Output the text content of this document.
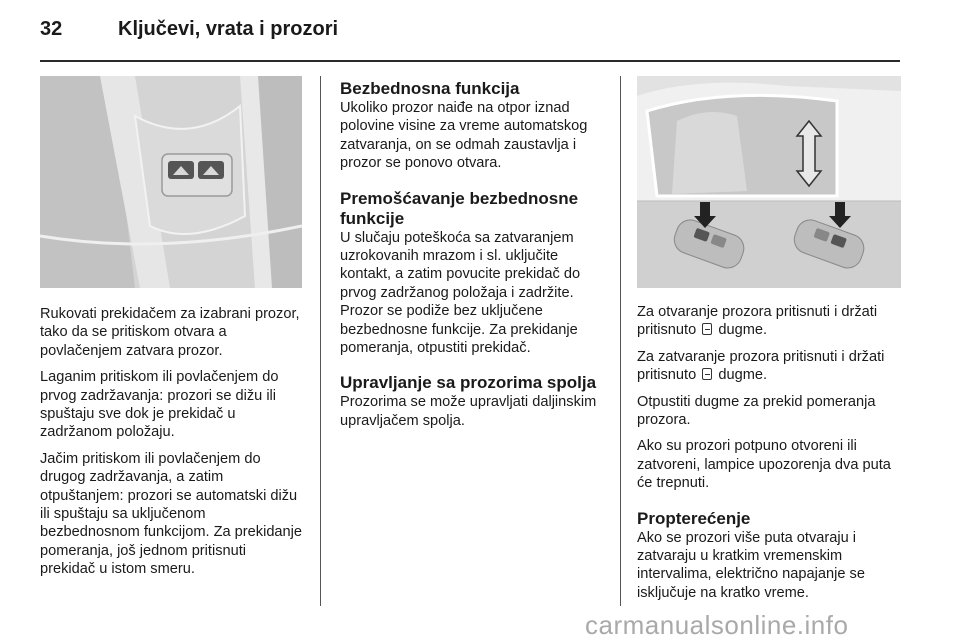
32	Ključevi, vrata i prozori

Rukovati prekidačem za izabrani prozor, tako da se pritiskom otvara a povlačenjem zatvara prozor.

Laganim pritiskom ili povlačenjem do prvog zadržavanja: prozori se dižu ili spuštaju sve dok je prekidač u zadržanom položaju.

Jačim pritiskom ili povlačenjem do drugog zadržavanja, a zatim otpuštanjem: prozori se automatski dižu ili spuštaju sa uključenom bezbednosnom funkcijom. Za prekidanje pomeranja, još jednom pritisnuti prekidač u istom smeru.

Bezbednosna funkcija

Ukoliko prozor naiđe na otpor iznad polovine visine za vreme automatskog zatvaranja, on se odmah zaustavlja i prozor se ponovo otvara.

Premošćavanje bezbednosne funkcije

U slučaju poteškoća sa zatvaranjem uzrokovanih mrazom i sl. uključite kontakt, a zatim povucite prekidač do prvog zadržanog položaja i zadržite. Prozor se podiže bez uključene bezbednosne funkcije. Za prekidanje pomeranja, otpustiti prekidač.

Upravljanje sa prozorima spolja

Prozorima se može upravljati daljinskim upravljačem spolja.

Za otvaranje prozora pritisnuti i držati pritisnuto dugme.

Za zatvaranje prozora pritisnuti i držati pritisnuto dugme.

Otpustiti dugme za prekid pomeranja prozora.

Ako su prozori potpuno otvoreni ili zatvoreni, lampice upozorenja dva puta će trepnuti.

Propterećenje

Ako se prozori više puta otvaraju i zatvaraju u kratkim vremenskim intervalima, električno napajanje se isključuje na kratko vreme.

carmanualsonline.info
